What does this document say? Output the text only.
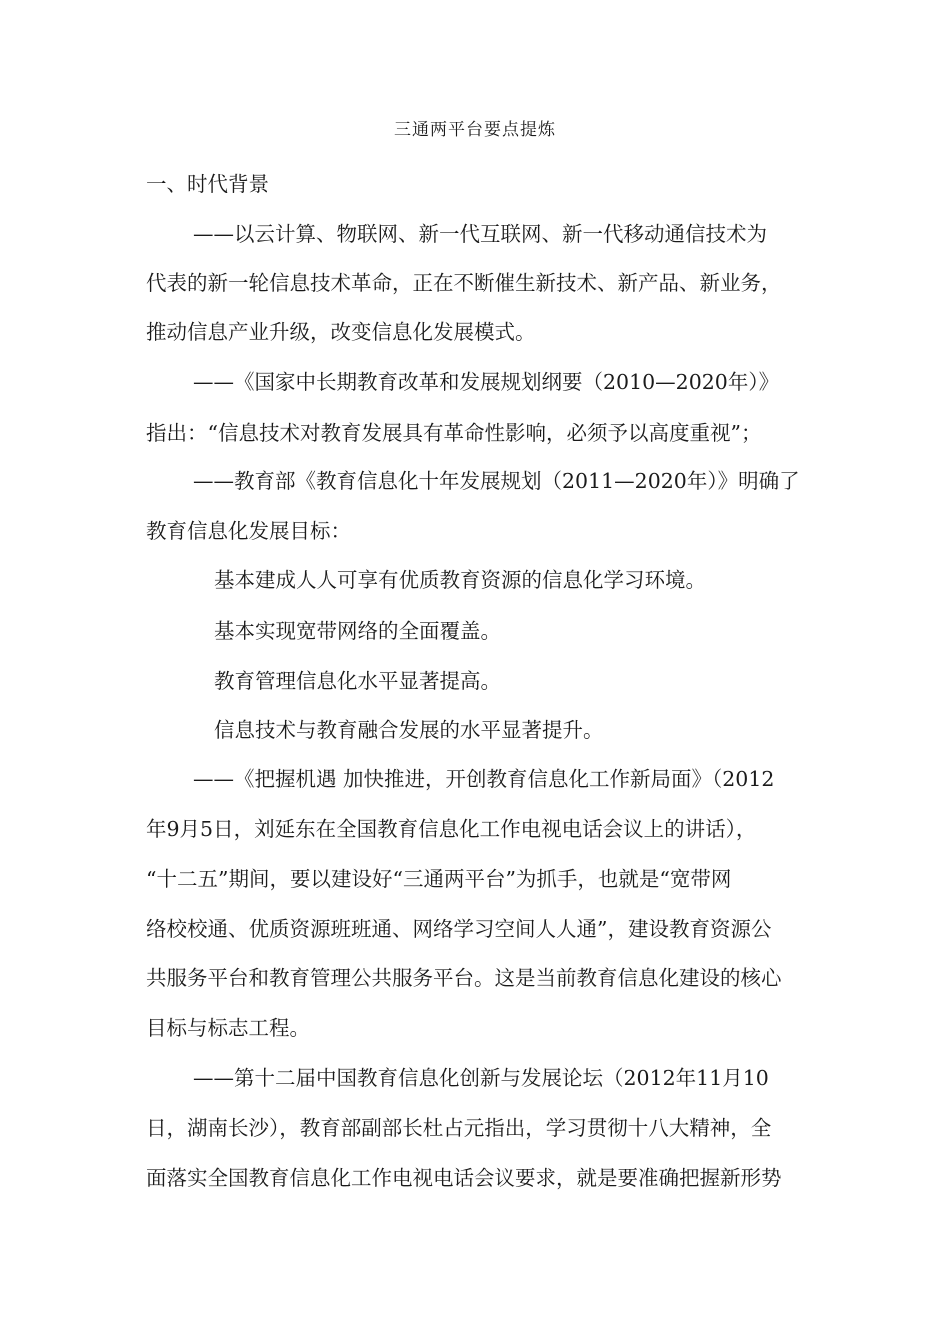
三通两平台要点提炼
一、时代背景
——以云计算、物联网、新一代互联网、新一代移动通信技术为
代表的新一轮信息技术革命，正在不断催生新技术、新产品、新业务，
推动信息产业升级，改变信息化发展模式。
——《国家中长期教育改革和发展规划纲要（2010—2020年）》
指出：“信息技术对教育发展具有革命性影响，必须予以高度重视”；
——教育部《教育信息化十年发展规划（2011—2020年）》明确了
教育信息化发展目标：
基本建成人人可享有优质教育资源的信息化学习环境。
基本实现宽带网络的全面覆盖。
教育管理信息化水平显著提高。
信息技术与教育融合发展的水平显著提升。
——《把握机遇 加快推进，开创教育信息化工作新局面》（2012
年9月5日，刘延东在全国教育信息化工作电视电话会议上的讲话），
“十二五”期间，要以建设好“三通两平台”为抓手，也就是“宽带网
络校校通、优质资源班班通、网络学习空间人人通”，建设教育资源公
共服务平台和教育管理公共服务平台。这是当前教育信息化建设的核心
目标与标志工程。
——第十二届中国教育信息化创新与发展论坛（2012年11月10
日，湖南长沙），教育部副部长杜占元指出，学习贯彻十八大精神，全
面落实全国教育信息化工作电视电话会议要求，就是要准确把握新形势
